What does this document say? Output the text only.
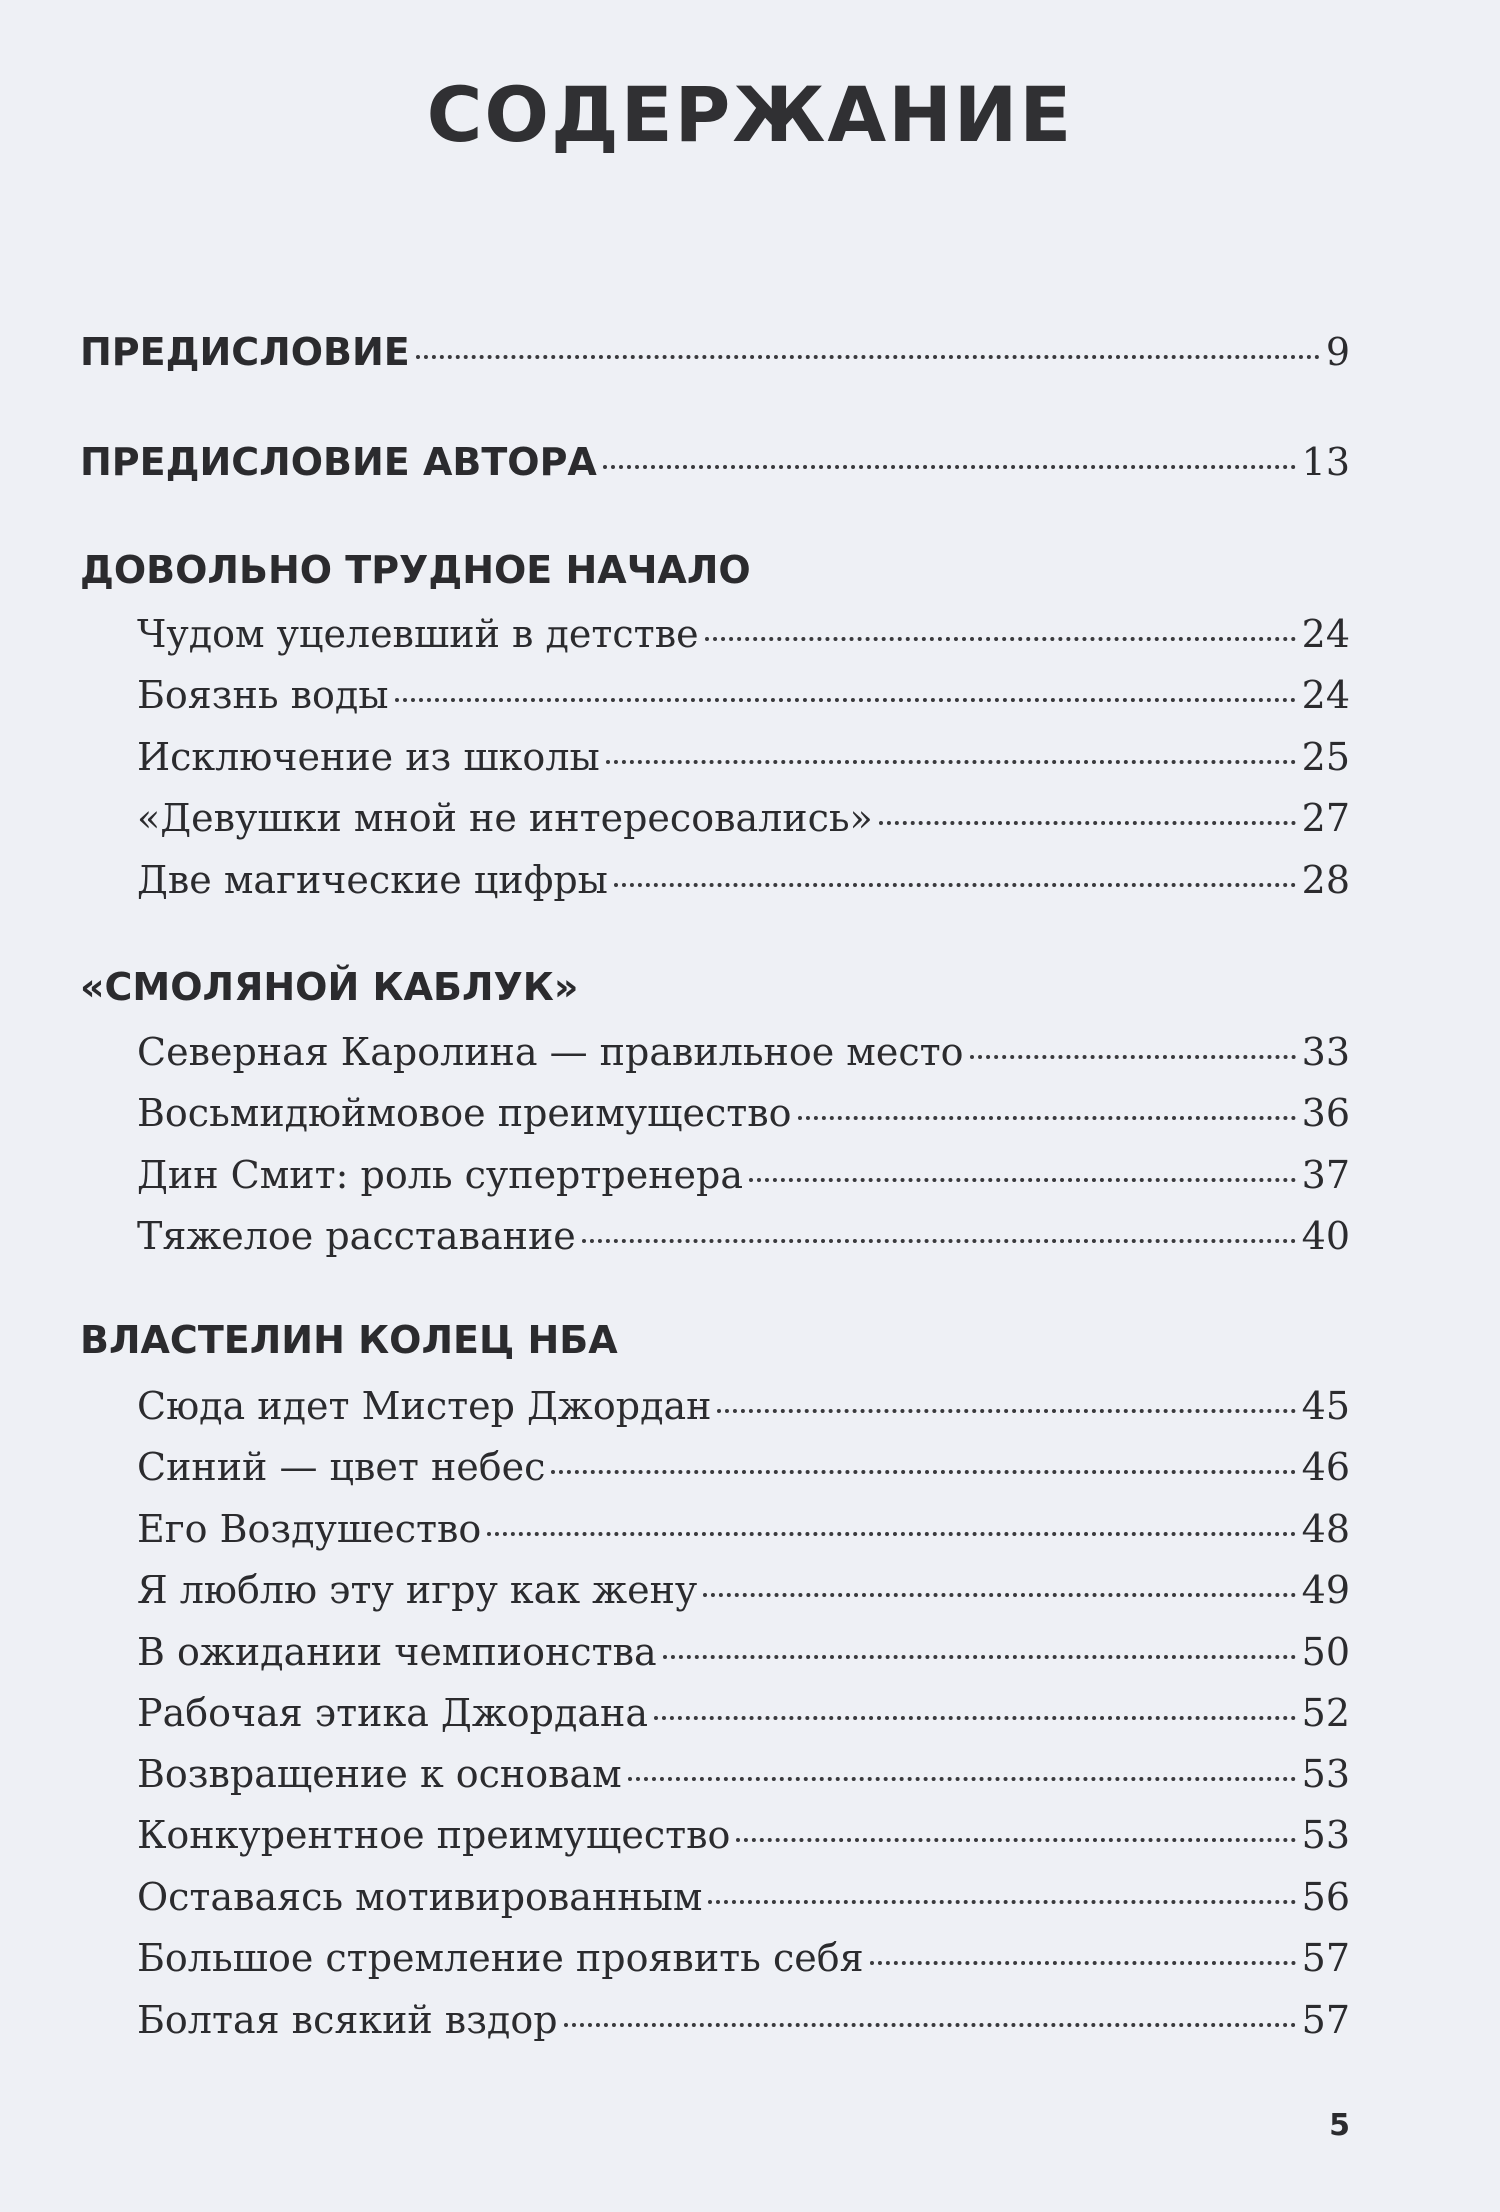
СОДЕРЖАНИЕ
ПРЕДИСЛОВИЕ	9
ПРЕДИСЛОВИЕ АВТОРА	13
ДОВОЛЬНО ТРУДНОЕ НАЧАЛО
Чудом уцелевший в детстве	24
Боязнь воды	24
Исключение из школы	25
«Девушки мной не интересовались»	27
Две магические цифры	28
«СМОЛЯНОЙ КАБЛУК»
Северная Каролина — правильное место	33
Восьмидюймовое преимущество	36
Дин Смит: роль супертренера	37
Тяжелое расставание	40
ВЛАСТЕЛИН КОЛЕЦ НБА
Сюда идет Мистер Джордан	45
Синий — цвет небес	46
Его Воздушество	48
Я люблю эту игру как жену	49
В ожидании чемпионства	50
Рабочая этика Джордана	52
Возвращение к основам	53
Конкурентное преимущество	53
Оставаясь мотивированным	56
Большое стремление проявить себя	57
Болтая всякий вздор	57
5
